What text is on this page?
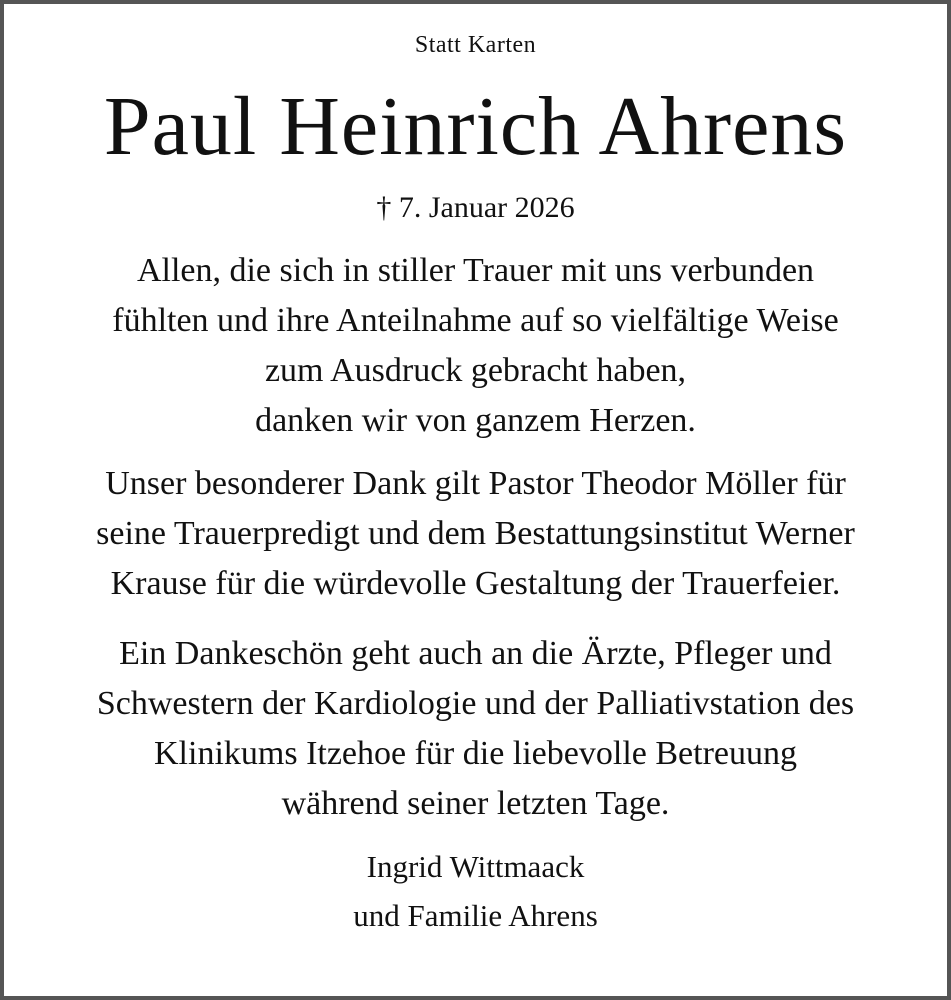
Statt Karten
Paul Heinrich Ahrens
† 7. Januar 2026
Allen, die sich in stiller Trauer mit uns verbunden
fühlten und ihre Anteilnahme auf so vielfältige Weise
zum Ausdruck gebracht haben,
danken wir von ganzem Herzen.
Unser besonderer Dank gilt Pastor Theodor Möller für
seine Trauerpredigt und dem Bestattungsinstitut Werner
Krause für die würdevolle Gestaltung der Trauerfeier.
Ein Dankeschön geht auch an die Ärzte, Pfleger und
Schwestern der Kardiologie und der Palliativstation des
Klinikums Itzehoe für die liebevolle Betreuung
während seiner letzten Tage.
Ingrid Wittmaack
und Familie Ahrens
